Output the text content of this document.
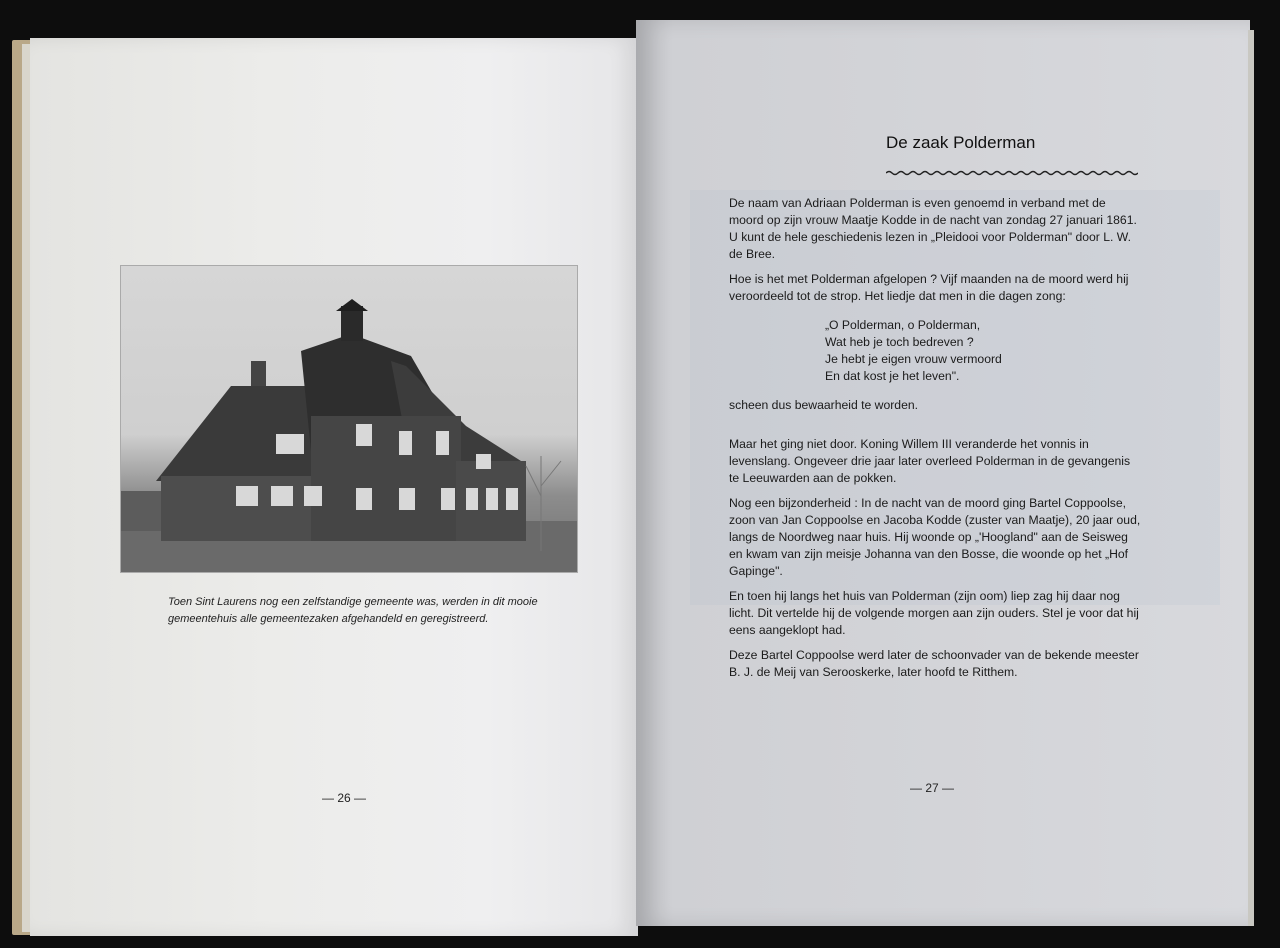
Toen Sint Laurens nog een zelfstandige gemeente was, werden in dit mooie gemeentehuis alle gemeentezaken afgehandeld en geregistreerd.
— 26 —
De zaak Polderman

De naam van Adriaan Polderman is even genoemd in verband met de moord op zijn vrouw Maatje Kodde in de nacht van zondag 27 januari 1861. U kunt de hele geschiedenis lezen in „Pleidooi voor Polderman" door L. W. de Bree.

Hoe is het met Polderman afgelopen ? Vijf maanden na de moord werd hij veroordeeld tot de strop. Het liedje dat men in die dagen zong:

„O Polderman, o Polderman,
Wat heb je toch bedreven ?
Je hebt je eigen vrouw vermoord
En dat kost je het leven".

scheen dus bewaarheid te worden.

Maar het ging niet door. Koning Willem III veranderde het vonnis in levenslang. Ongeveer drie jaar later overleed Polderman in de gevangenis te Leeuwarden aan de pokken.

Nog een bijzonderheid : In de nacht van de moord ging Bartel Coppoolse, zoon van Jan Coppoolse en Jacoba Kodde (zuster van Maatje), 20 jaar oud, langs de Noordweg naar huis. Hij woonde op „'Hoogland" aan de Seisweg en kwam van zijn meisje Johanna van den Bosse, die woonde op het „Hof Gapinge".

En toen hij langs het huis van Polderman (zijn oom) liep zag hij daar nog licht. Dit vertelde hij de volgende morgen aan zijn ouders. Stel je voor dat hij eens aangeklopt had.

Deze Bartel Coppoolse werd later de schoonvader van de bekende meester B. J. de Meij van Serooskerke, later hoofd te Ritthem.

— 27 —
